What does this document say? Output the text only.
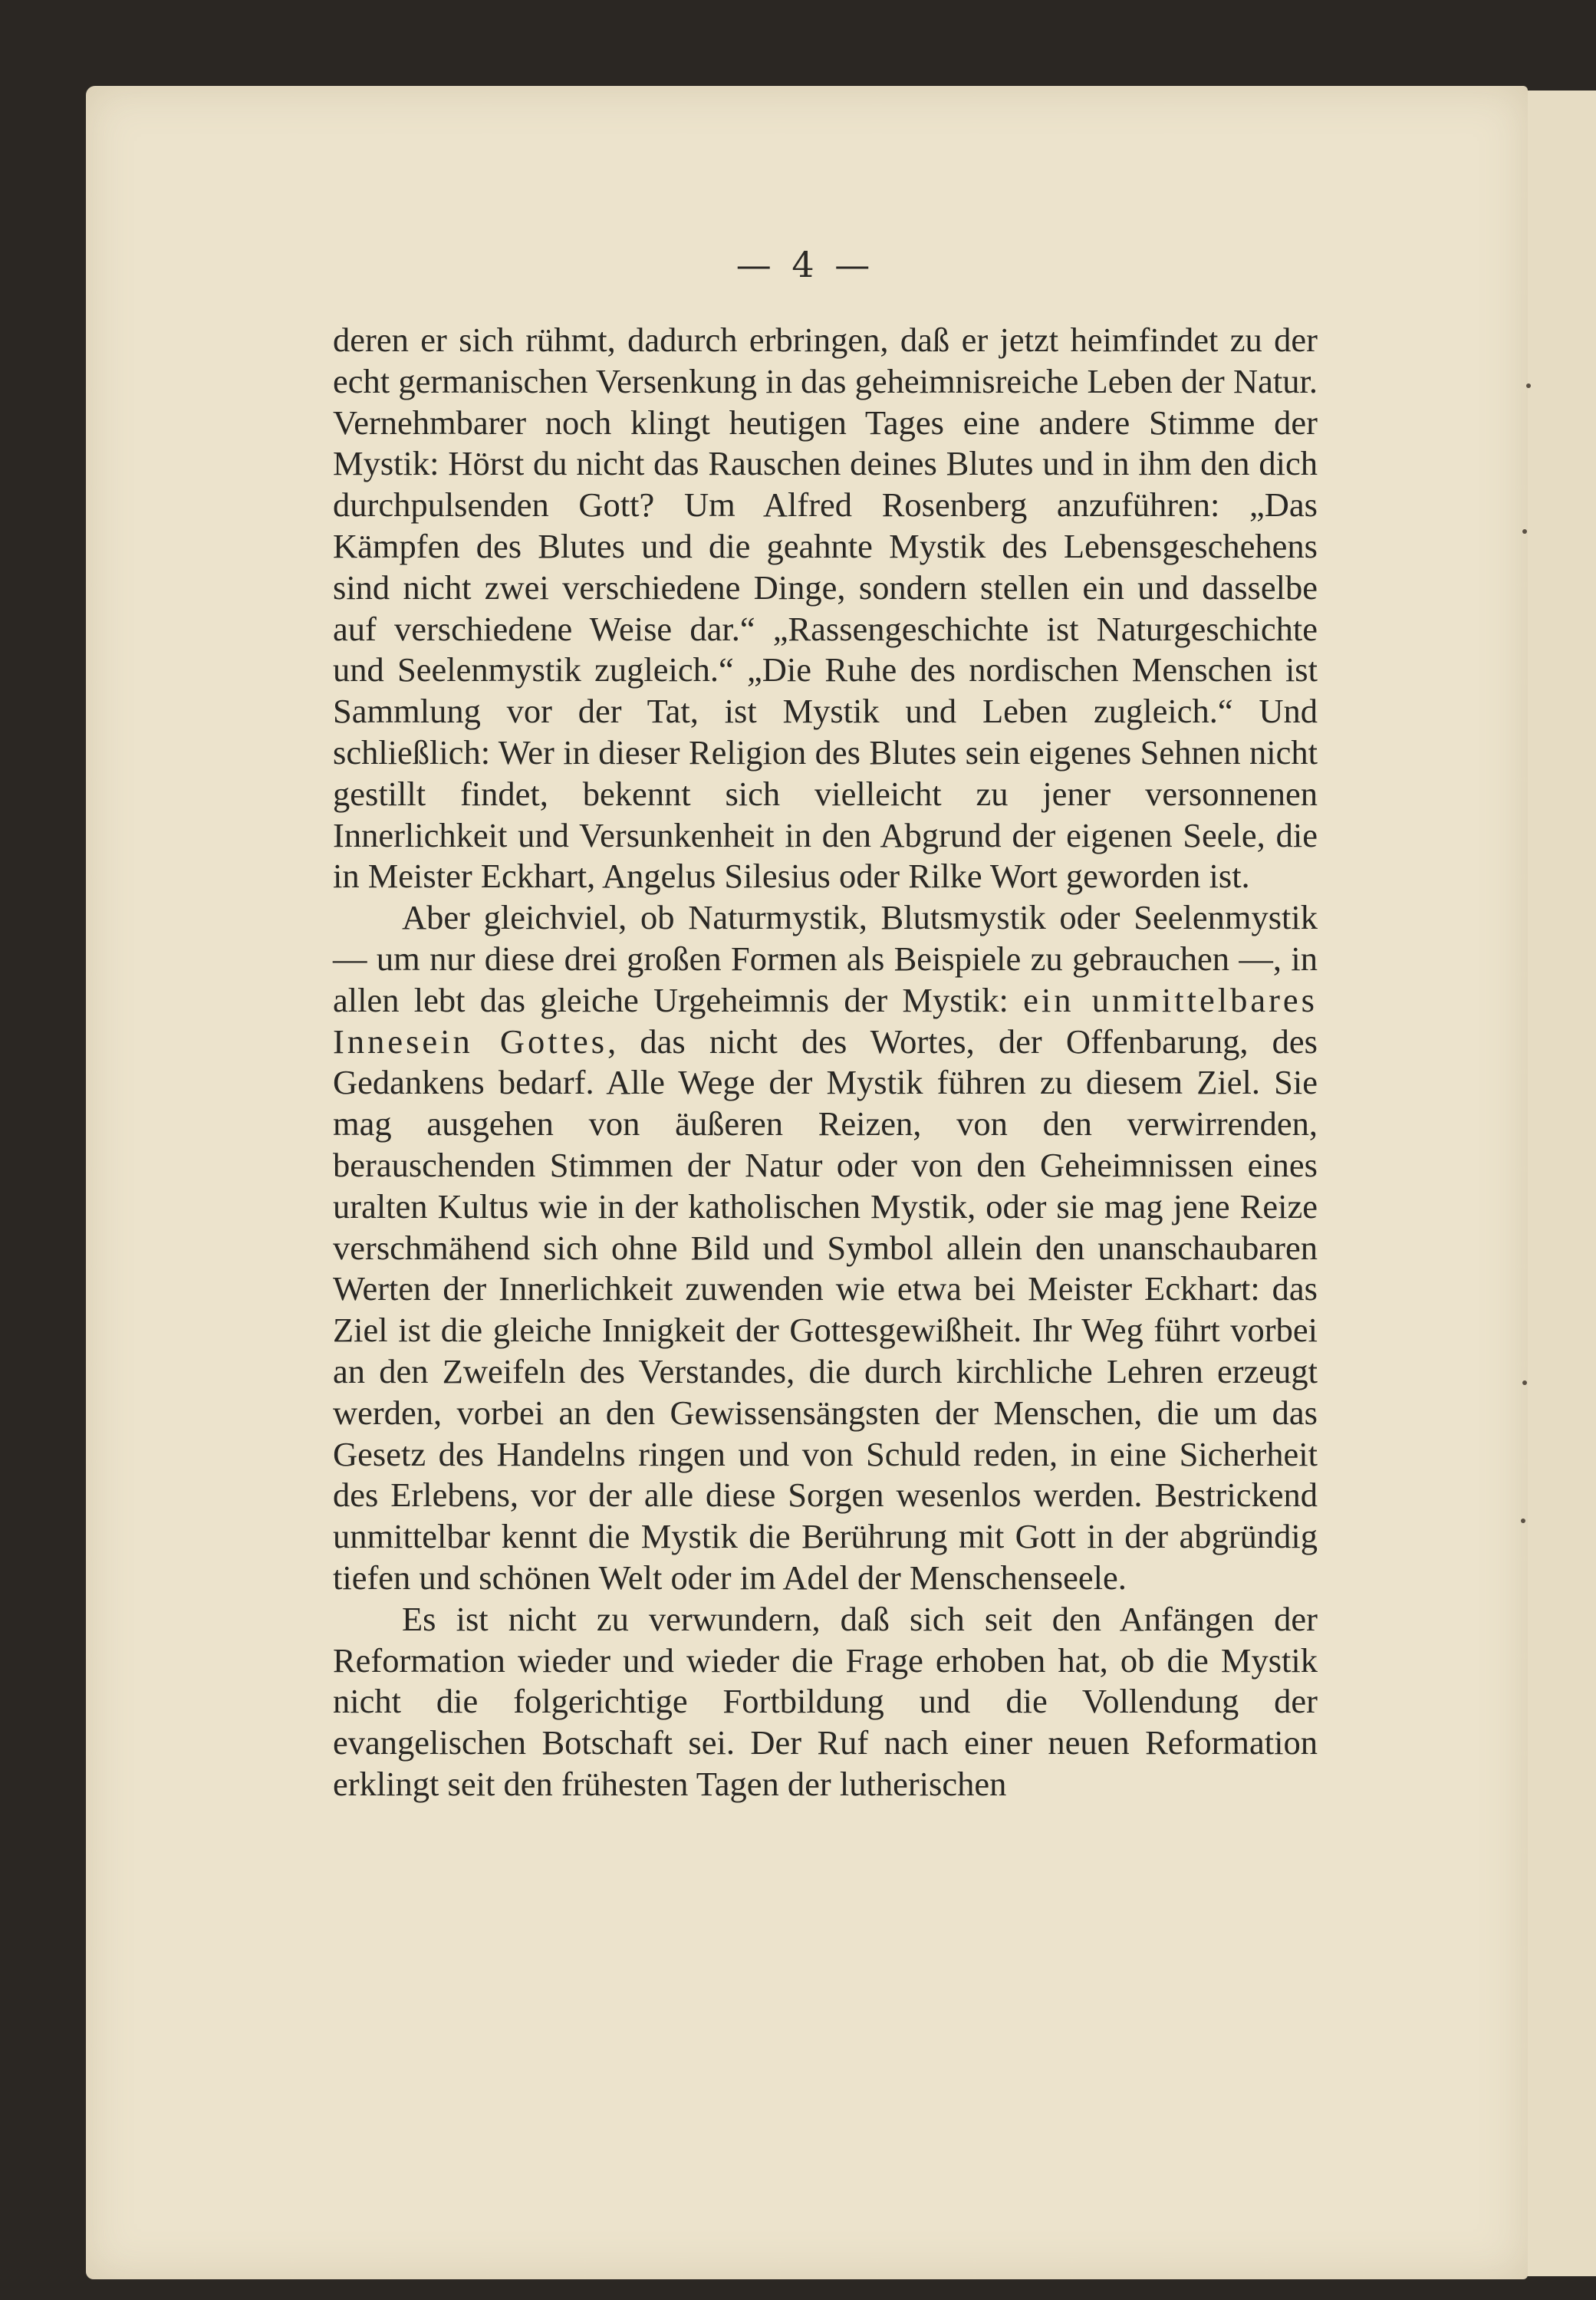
— 4 —

deren er sich rühmt, dadurch erbringen, daß er jetzt heimfindet zu der echt germanischen Versenkung in das geheimnisreiche Leben der Natur. Vernehmbarer noch klingt heutigen Tages eine andere Stimme der Mystik: Hörst du nicht das Rauschen deines Blutes und in ihm den dich durchpulsenden Gott? Um Alfred Rosenberg anzuführen: „Das Kämpfen des Blutes und die geahnte Mystik des Lebensgeschehens sind nicht zwei verschiedene Dinge, sondern stellen ein und dasselbe auf verschiedene Weise dar.“ „Rassengeschichte ist Naturgeschichte und Seelenmystik zugleich.“ „Die Ruhe des nordischen Menschen ist Sammlung vor der Tat, ist Mystik und Leben zugleich.“ Und schließlich: Wer in dieser Religion des Blutes sein eigenes Sehnen nicht gestillt findet, bekennt sich vielleicht zu jener versonnenen Innerlichkeit und Versunkenheit in den Abgrund der eigenen Seele, die in Meister Eckhart, Angelus Silesius oder Rilke Wort geworden ist.

Aber gleichviel, ob Naturmystik, Blutsmystik oder Seelenmystik — um nur diese drei großen Formen als Beispiele zu gebrauchen —, in allen lebt das gleiche Urgeheimnis der Mystik: ein unmittelbares Innesein Gottes, das nicht des Wortes, der Offenbarung, des Gedankens bedarf. Alle Wege der Mystik führen zu diesem Ziel. Sie mag ausgehen von äußeren Reizen, von den verwirrenden, berauschenden Stimmen der Natur oder von den Geheimnissen eines uralten Kultus wie in der katholischen Mystik, oder sie mag jene Reize verschmähend sich ohne Bild und Symbol allein den unanschaubaren Werten der Innerlichkeit zuwenden wie etwa bei Meister Eckhart: das Ziel ist die gleiche Innigkeit der Gottesgewißheit. Ihr Weg führt vorbei an den Zweifeln des Verstandes, die durch kirchliche Lehren erzeugt werden, vorbei an den Gewissensängsten der Menschen, die um das Gesetz des Handelns ringen und von Schuld reden, in eine Sicherheit des Erlebens, vor der alle diese Sorgen wesenlos werden. Bestrickend unmittelbar kennt die Mystik die Berührung mit Gott in der abgründig tiefen und schönen Welt oder im Adel der Menschenseele.

Es ist nicht zu verwundern, daß sich seit den Anfängen der Reformation wieder und wieder die Frage erhoben hat, ob die Mystik nicht die folgerichtige Fortbildung und die Vollendung der evangelischen Botschaft sei. Der Ruf nach einer neuen Reformation erklingt seit den frühesten Tagen der lutherischen
